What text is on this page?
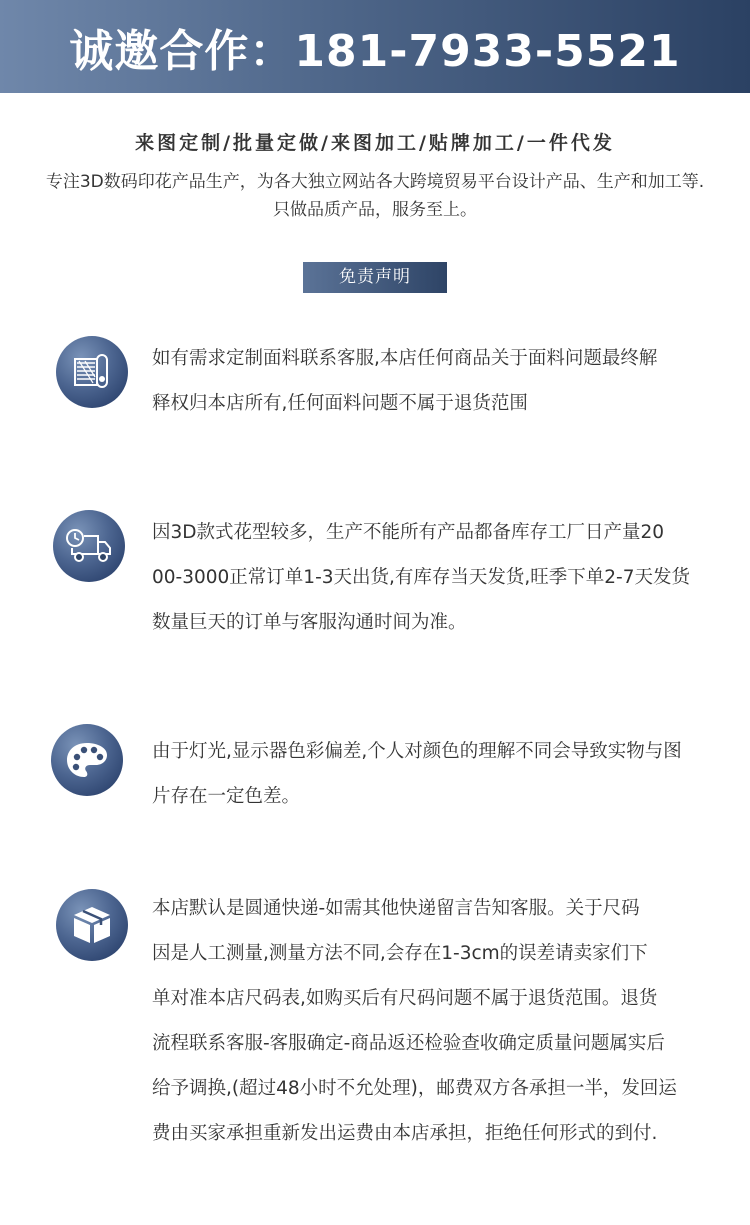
诚邀合作：181-7933-5521
来图定制/批量定做/来图加工/贴牌加工/一件代发
专注3D数码印花产品生产，为各大独立网站各大跨境贸易平台设计产品、生产和加工等.
只做品质产品，服务至上。
免责声明
如有需求定制面料联系客服,本店任何商品关于面料问题最终解
释权归本店所有,任何面料问题不属于退货范围
因3D款式花型较多，生产不能所有产品都备库存工厂日产量20
00-3000正常订单1-3天出货,有库存当天发货,旺季下单2-7天发货
数量巨天的订单与客服沟通时间为准。
由于灯光,显示器色彩偏差,个人对颜色的理解不同会导致实物与图
片存在一定色差。
本店默认是圆通快递-如需其他快递留言告知客服。关于尺码
因是人工测量,测量方法不同,会存在1-3cm的误差请卖家们下
单对准本店尺码表,如购买后有尺码问题不属于退货范围。退货
流程联系客服-客服确定-商品返还检验查收确定质量问题属实后
给予调换,(超过48小时不允处理)，邮费双方各承担一半，发回运
费由买家承担重新发出运费由本店承担，拒绝任何形式的到付.
